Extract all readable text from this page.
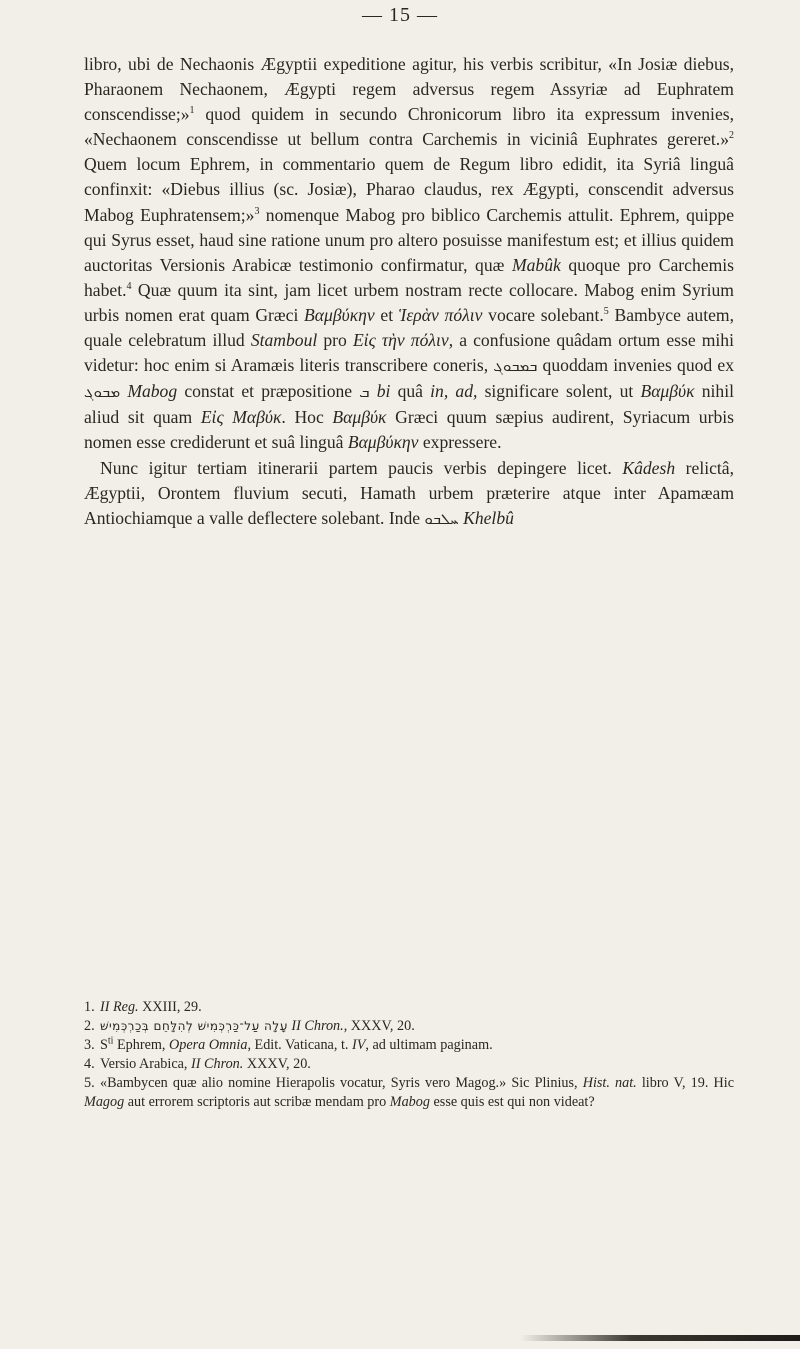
— 15 —

libro, ubi de Nechaonis Ægyptii expeditione agitur, his verbis scribitur, «In Josiæ diebus, Pharaonem Nechaonem, Ægypti regem adversus regem Assyriæ ad Euphratem conscendisse;»$^1$ quod quidem in secundo Chronicorum libro ita expressum invenies, «Nechaonem conscendisse ut bellum contra Carchemis in viciniâ Euphrates gereret.»$^2$ Quem locum Ephrem, in commentario quem de Regum libro edidit, ita Syriâ linguâ confinxit: «Diebus illius (sc. Josiæ), Pharao claudus, rex Ægypti, conscendit adversus Mabog Euphratensem;»$^3$ nomenque Mabog pro biblico Carchemis attulit. Ephrem, quippe qui Syrus esset, haud sine ratione unum pro altero posuisse manifestum est; et illius quidem auctoritas Versionis Arabicæ testimonio confirmatur, quæ Mabûk quoque pro Carchemis habet.$^4$ Quæ quum ita sint, jam licet urbem nostram recte collocare. Mabog enim Syrium urbis nomen erat quam Græci Βαμβύκην et Ἱερὰν πόλιν vocare solebant.$^5$ Bambyce autem, quale celebratum illud Stamboul pro Εἰς τὴν πόλιν, a confusione quâdam ortum esse mihi videtur: hoc enim si Aramæis literis transcribere coneris, ܒܡܒܘܓ quoddam invenies quod ex ܡܒܘܓ Mabog constat et præpositione ܒ bi quâ in, ad, significare solent, ut Βαμβύκ nihil aliud sit quam Εἰς Μαβύκ. Hoc Βαμβύκ Græci quum sæpius audirent, Syriacum urbis nomen esse crediderunt et suâ linguâ Βαμβύκην expressere.

Nunc igitur tertiam itinerarii partem paucis verbis depingere licet. Kâdesh relictâ, Ægyptii, Orontem fluvium secuti, Hamath urbem præterire atque inter Apamæam Antiochiamque a valle deflectere solebant. Inde ܚܠܒܘ Khelbû

1. II Reg. XXIII, 29.

2. עָלָה עַל־כַּרְכְּמִישׁ לְהִלָּחֵם בְּכַרְכְּמִישׁ II Chron., XXXV, 20.

3. $S^{ti}$ Ephrem, Opera Omnia, Edit. Vaticana, t. IV, ad ultimam paginam.

4. Versio Arabica, II Chron. XXXV, 20.

5. «Bambycen quæ alio nomine Hierapolis vocatur, Syris vero Magog.» Sic Plinius, Hist. nat. libro V, 19. Hic Magog aut errorem scriptoris aut scribæ mendam pro Mabog esse quis est qui non videat?
